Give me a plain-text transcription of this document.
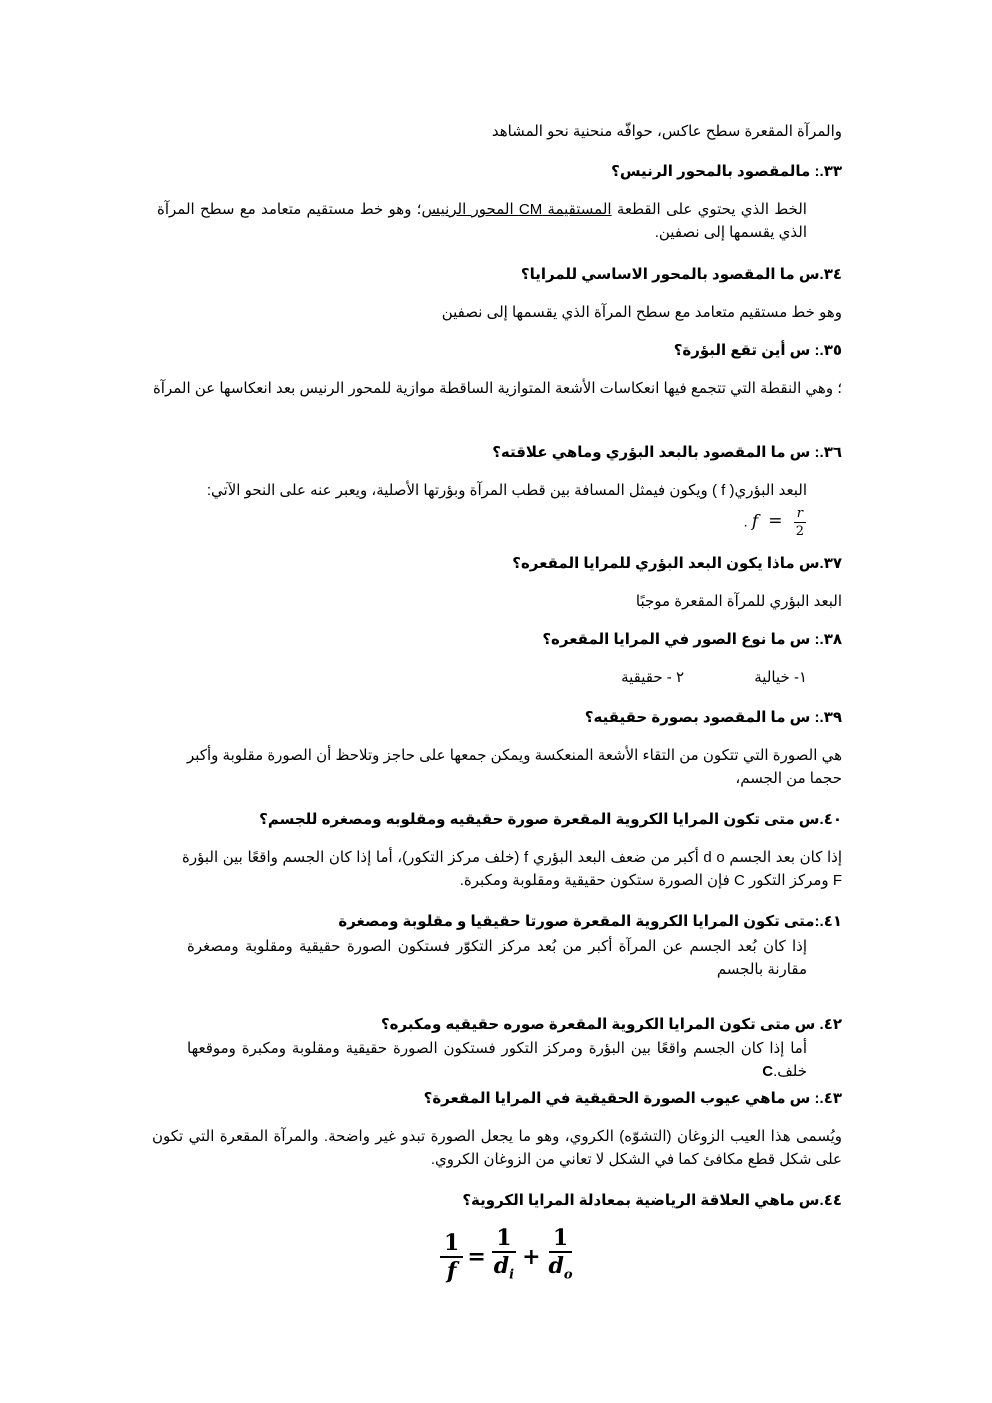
والمرآة المقعرة سطح عاكس، حوافّه منحنية نحو المشاهد
٣٣.: مالمقصود بالمحور الرنيس؟
الخط الذي يحتوي على القطعة المستقيمة CM المحور الرنيس؛ وهو خط مستقيم متعامد مع سطح المرآة الذي يقسمها إلى نصفين.
٣٤.س ما المقصود بالمحور الاساسي للمرايا؟
وهو خط مستقيم متعامد مع سطح المرآة الذي يقسمها إلى نصفين
٣٥.: س أين تقع البؤرة؟
؛ وهي النقطة التي تتجمع فيها انعكاسات الأشعة المتوازية الساقطة موازية للمحور الرنيس بعد انعكاسها عن المرآة
٣٦.: س ما المقصود بالبعد البؤري وماهي علاقته؟
البعد البؤري( f ) ويكون فيمثل المسافة بين قطب المرآة وبؤرتها الأصلية، ويعبر عنه على النحو الآتي:
. $f = \frac{r}{2}$
٣٧.س ماذا يكون البعد البؤري للمرايا المقعره؟
البعد البؤري للمرآة المقعرة موجبًا
٣٨.: س ما نوع الصور في المرايا المقعره؟
١- خيالية
٢ - حقيقية
٣٩.: س ما المقصود بصورة حقيقيه؟
هي الصورة التي تتكون من التقاء الأشعة المنعكسة ويمكن جمعها على حاجز وتلاحظ أن الصورة مقلوبة وأكبر حجما من الجسم،
٤٠.س متى تكون المرايا الكروية المقعرة صورة حقيقيه ومقلوبه ومصغره للجسم؟
إذا كان بعد الجسم d o أكبر من ضعف البعد البؤري f (خلف مركز التكور)، أما إذا كان الجسم واقعًا بين البؤرة F ومركز التكور C فإن الصورة ستكون حقيقية ومقلوبة ومكبرة.
٤١.:متى تكون المرايا الكروية المقعرة صورتا حقيقيا و مقلوبة ومصغرة
إذا كان بُعد الجسم عن المرآة أكبر من بُعد مركز التكوّر فستكون الصورة حقيقية ومقلوبة ومصغرة مقارنة بالجسم
٤٢. س متى تكون المرايا الكروية المقعرة صوره حقيقيه ومكبره؟
أما إذا كان الجسم واقعًا بين البؤرة ومركز التكور فستكون الصورة حقيقية ومقلوبة ومكبرة وموقعها خلف.C
٤٣.: س ماهي عيوب الصورة الحقيقية في المرايا المقعرة؟
ويُسمى هذا العيب الزوغان (التشوّه) الكروي، وهو ما يجعل الصورة تبدو غير واضحة. والمرآة المقعرة التي تكون على شكل قطع مكافئ كما في الشكل لا تعاني من الزوغان الكروي.
٤٤.س ماهي العلاقة الرياضية بمعادلة المرايا الكروية؟
$\frac{1}{f} = \frac{1}{d_i} + \frac{1}{d_o}$
